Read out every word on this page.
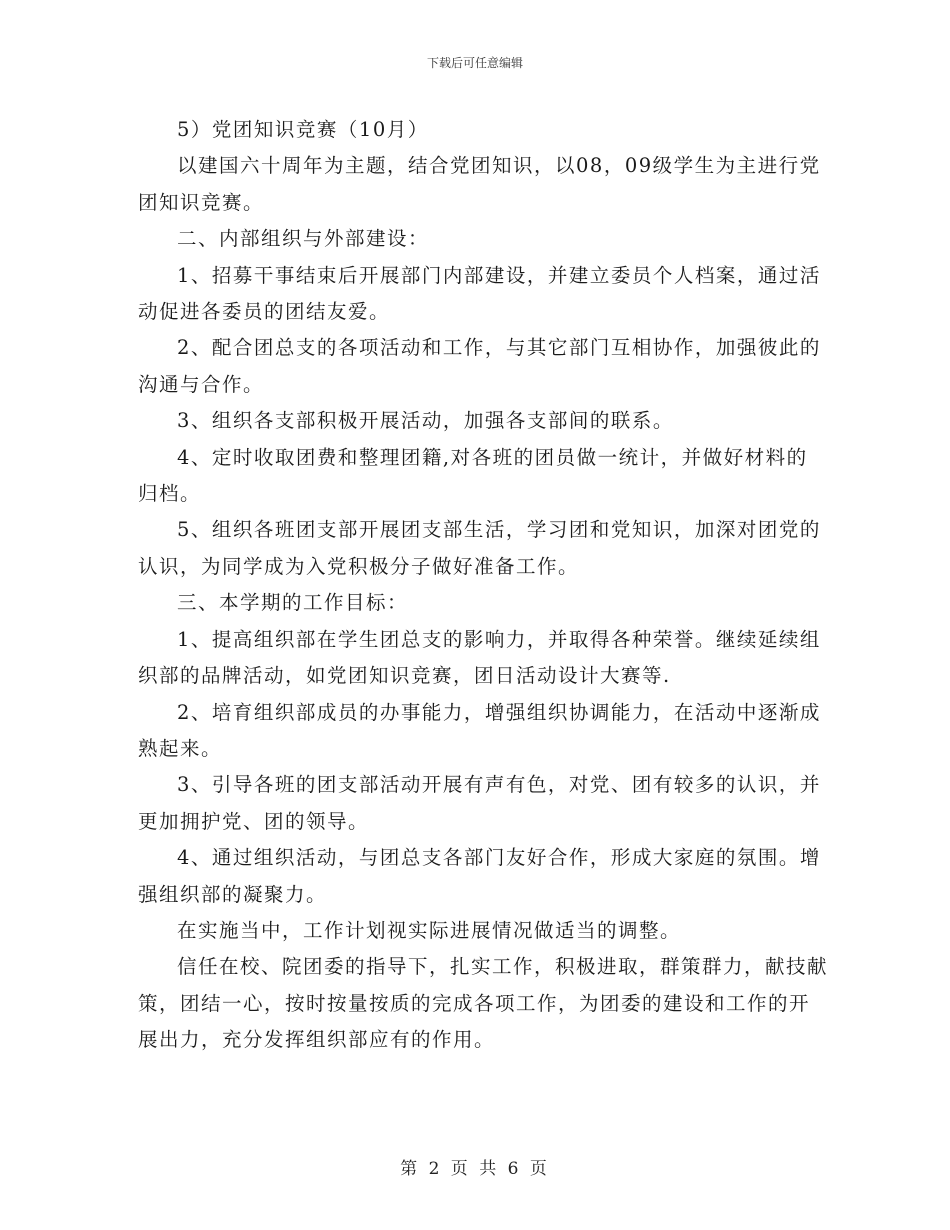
下载后可任意编辑

5）党团知识竞赛（10月）

以建国六十周年为主题，结合党团知识，以08，09级学生为主进行党团知识竞赛。

二、内部组织与外部建设：

1、招募干事结束后开展部门内部建设，并建立委员个人档案，通过活动促进各委员的团结友爱。

2、配合团总支的各项活动和工作，与其它部门互相协作，加强彼此的沟通与合作。

3、组织各支部积极开展活动，加强各支部间的联系。

4、定时收取团费和整理团籍,对各班的团员做一统计，并做好材料的归档。

5、组织各班团支部开展团支部生活，学习团和党知识，加深对团党的认识，为同学成为入党积极分子做好准备工作。

三、本学期的工作目标：

1、提高组织部在学生团总支的影响力，并取得各种荣誉。继续延续组织部的品牌活动，如党团知识竞赛，团日活动设计大赛等.

2、培育组织部成员的办事能力，增强组织协调能力，在活动中逐渐成熟起来。

3、引导各班的团支部活动开展有声有色，对党、团有较多的认识，并更加拥护党、团的领导。

4、通过组织活动，与团总支各部门友好合作，形成大家庭的氛围。增强组织部的凝聚力。

在实施当中，工作计划视实际进展情况做适当的调整。

信任在校、院团委的指导下，扎实工作，积极进取，群策群力，献技献策，团结一心，按时按量按质的完成各项工作，为团委的建设和工作的开展出力，充分发挥组织部应有的作用。

第 2 页 共 6 页
